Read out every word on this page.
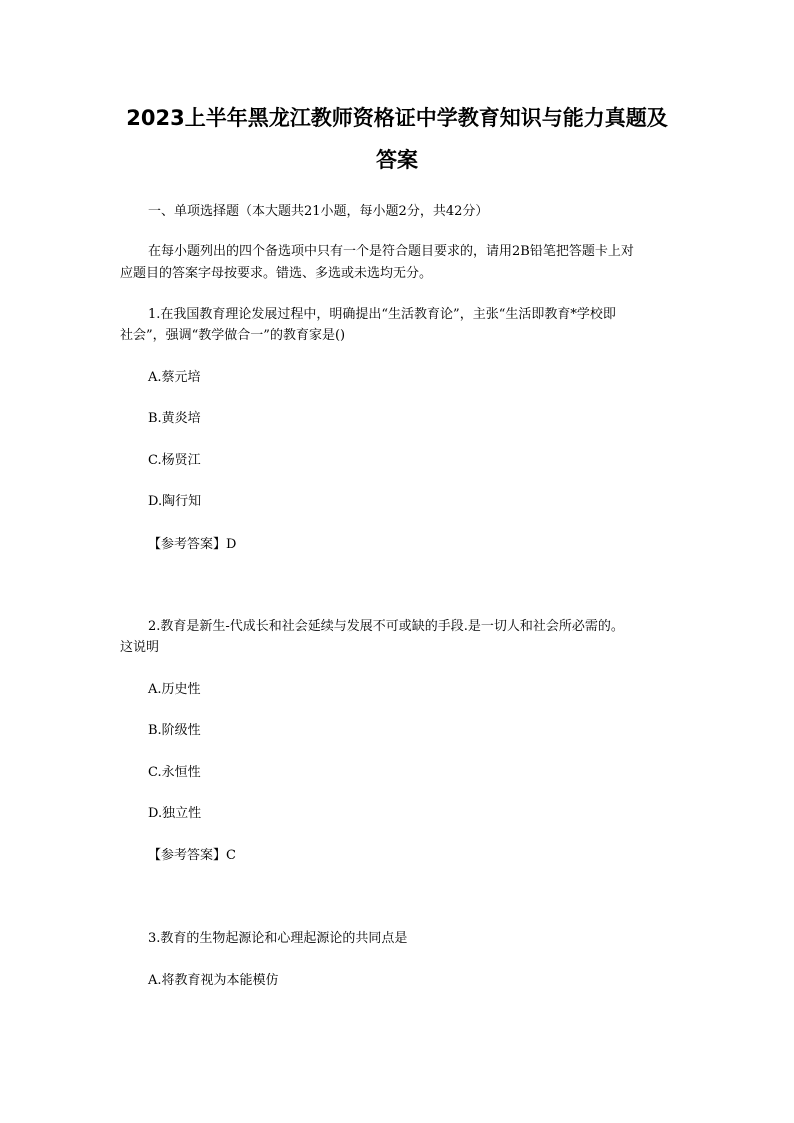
2023上半年黑龙江教师资格证中学教育知识与能力真题及
答案

一、单项选择题（本大题共21小题，每小题2分，共42分）

在每小题列出的四个备选项中只有一个是符合题目要求的，请用2B铅笔把答题卡上对

应题目的答案字母按要求。错选、多选或未选均无分。

1.在我国教育理论发展过程中，明确提出“生活教育论”，主张“生活即教育*学校即

社会”，强调“教学做合一”的教育家是()

A.蔡元培

B.黄炎培

C.杨贤江

D.陶行知

【参考答案】D

2.教育是新生-代成长和社会延续与发展不可或缺的手段.是一切人和社会所必需的。

这说明

A.历史性

B.阶级性

C.永恒性

D.独立性

【参考答案】C

3.教育的生物起源论和心理起源论的共同点是

A.将教育视为本能模仿
